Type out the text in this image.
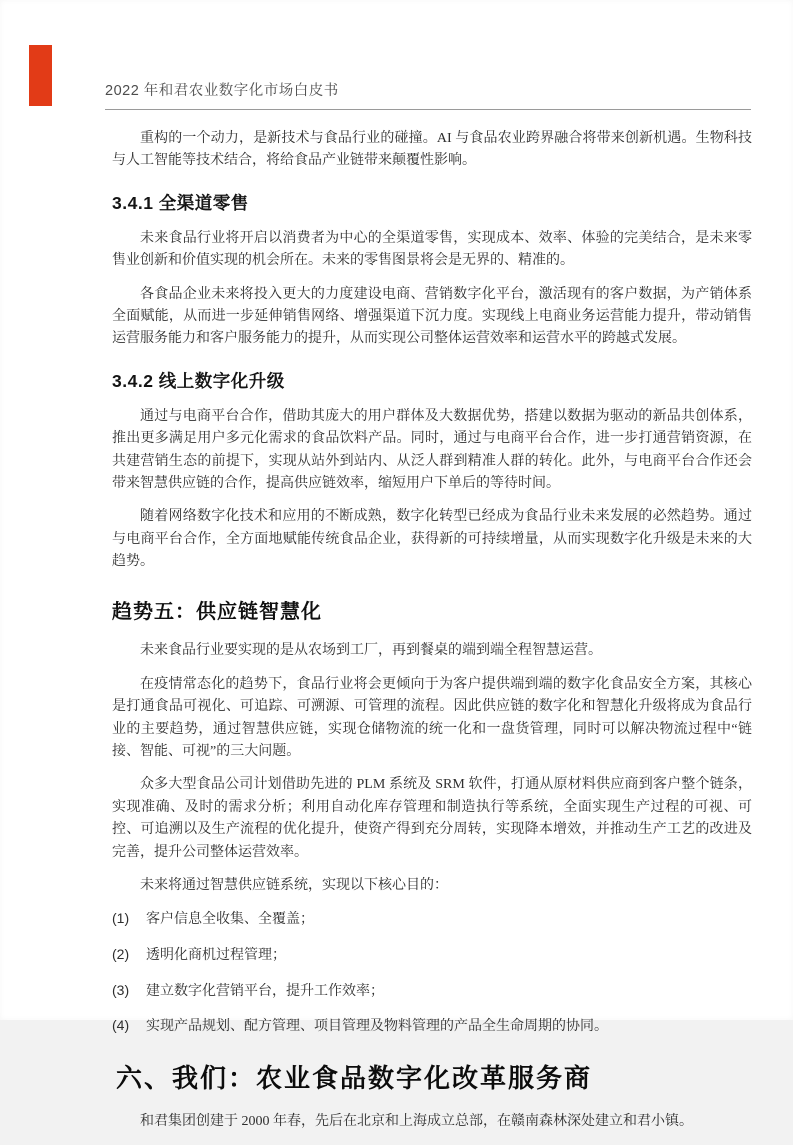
2022 年和君农业数字化市场白皮书

重构的一个动力，是新技术与食品行业的碰撞。AI 与食品农业跨界融合将带来创新机遇。生物科技与人工智能等技术结合，将给食品产业链带来颠覆性影响。

3.4.1 全渠道零售

未来食品行业将开启以消费者为中心的全渠道零售，实现成本、效率、体验的完美结合，是未来零售业创新和价值实现的机会所在。未来的零售图景将会是无界的、精准的。

各食品企业未来将投入更大的力度建设电商、营销数字化平台，激活现有的客户数据，为产销体系全面赋能，从而进一步延伸销售网络、增强渠道下沉力度。实现线上电商业务运营能力提升，带动销售运营服务能力和客户服务能力的提升，从而实现公司整体运营效率和运营水平的跨越式发展。

3.4.2 线上数字化升级

通过与电商平台合作，借助其庞大的用户群体及大数据优势，搭建以数据为驱动的新品共创体系，推出更多满足用户多元化需求的食品饮料产品。同时，通过与电商平台合作，进一步打通营销资源，在共建营销生态的前提下，实现从站外到站内、从泛人群到精准人群的转化。此外，与电商平台合作还会带来智慧供应链的合作，提高供应链效率，缩短用户下单后的等待时间。

随着网络数字化技术和应用的不断成熟，数字化转型已经成为食品行业未来发展的必然趋势。通过与电商平台合作，全方面地赋能传统食品企业，获得新的可持续增量，从而实现数字化升级是未来的大趋势。

趋势五：供应链智慧化

未来食品行业要实现的是从农场到工厂，再到餐桌的端到端全程智慧运营。

在疫情常态化的趋势下，食品行业将会更倾向于为客户提供端到端的数字化食品安全方案，其核心是打通食品可视化、可追踪、可溯源、可管理的流程。因此供应链的数字化和智慧化升级将成为食品行业的主要趋势，通过智慧供应链，实现仓储物流的统一化和一盘货管理，同时可以解决物流过程中“链接、智能、可视”的三大问题。

众多大型食品公司计划借助先进的 PLM 系统及 SRM 软件，打通从原材料供应商到客户整个链条，实现准确、及时的需求分析；利用自动化库存管理和制造执行等系统，全面实现生产过程的可视、可控、可追溯以及生产流程的优化提升，使资产得到充分周转，实现降本增效，并推动生产工艺的改进及完善，提升公司整体运营效率。

未来将通过智慧供应链系统，实现以下核心目的：

(1)	客户信息全收集、全覆盖；
(2)	透明化商机过程管理；
(3)	建立数字化营销平台，提升工作效率；
(4)	实现产品规划、配方管理、项目管理及物料管理的产品全生命周期的协同。
六、我们：农业食品数字化改革服务商

和君集团创建于 2000 年春，先后在北京和上海成立总部，在赣南森林深处建立和君小镇。
